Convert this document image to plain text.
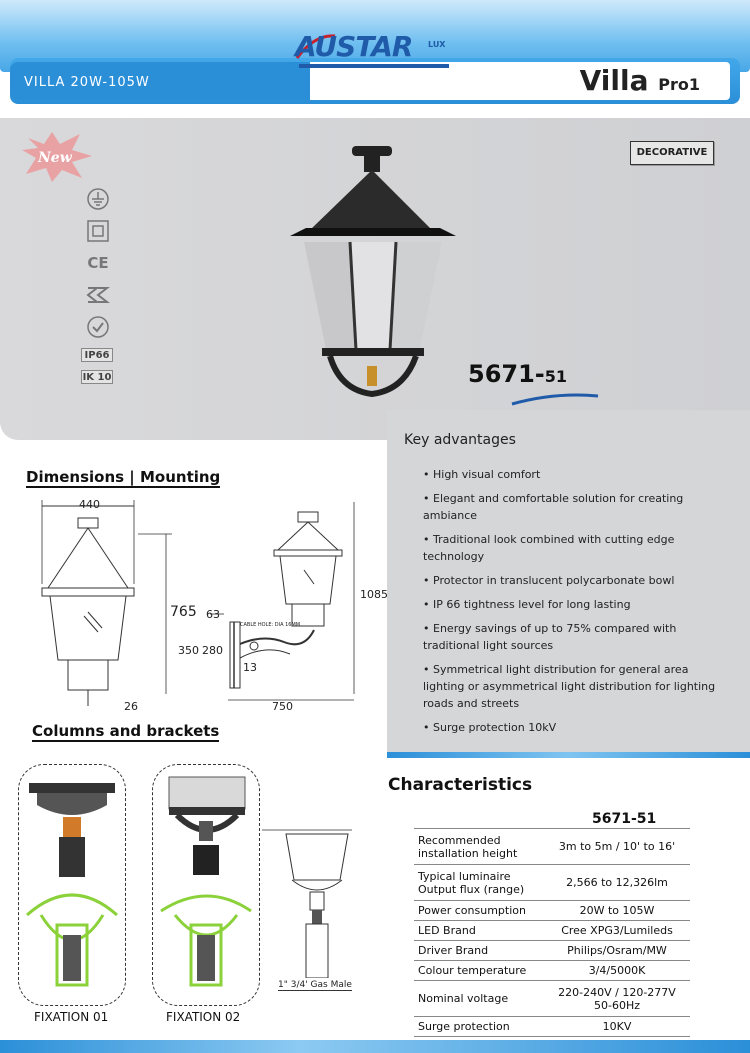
VILLA 20W-105W
AUSTAR LUX
Villa Pro1
New
CE
IP66
IK 10
DECORATIVE
5671-51
Key advantages
• High visual comfort
• Elegant and comfortable solution for creating ambiance
• Traditional look combined with cutting edge technology
• Protector in translucent polycarbonate bowl
• IP 66 tightness level for long lasting
• Energy savings of up to 75% compared with traditional light sources
• Symmetrical light distribution for general area lighting or asymmetrical light distribution for lighting roads and streets
• Surge protection 10kV
Dimensions | Mounting
440
765
26
63
350 280
13
1085
750
CABLE HOLE: DIA 16MM
Columns and brackets
FIXATION 01	FIXATION 02
1" 3/4' Gas Male
Characteristics
5671-51
Recommended installation height	3m to 5m / 10' to 16'
Typical luminaire Output flux (range)	2,566 to 12,326lm
Power consumption	20W to 105W
LED Brand	Cree XPG3/Lumileds
Driver Brand	Philips/Osram/MW
Colour temperature	3/4/5000K
Nominal voltage	220-240V / 120-277V 50-60Hz
Surge protection	10KV
